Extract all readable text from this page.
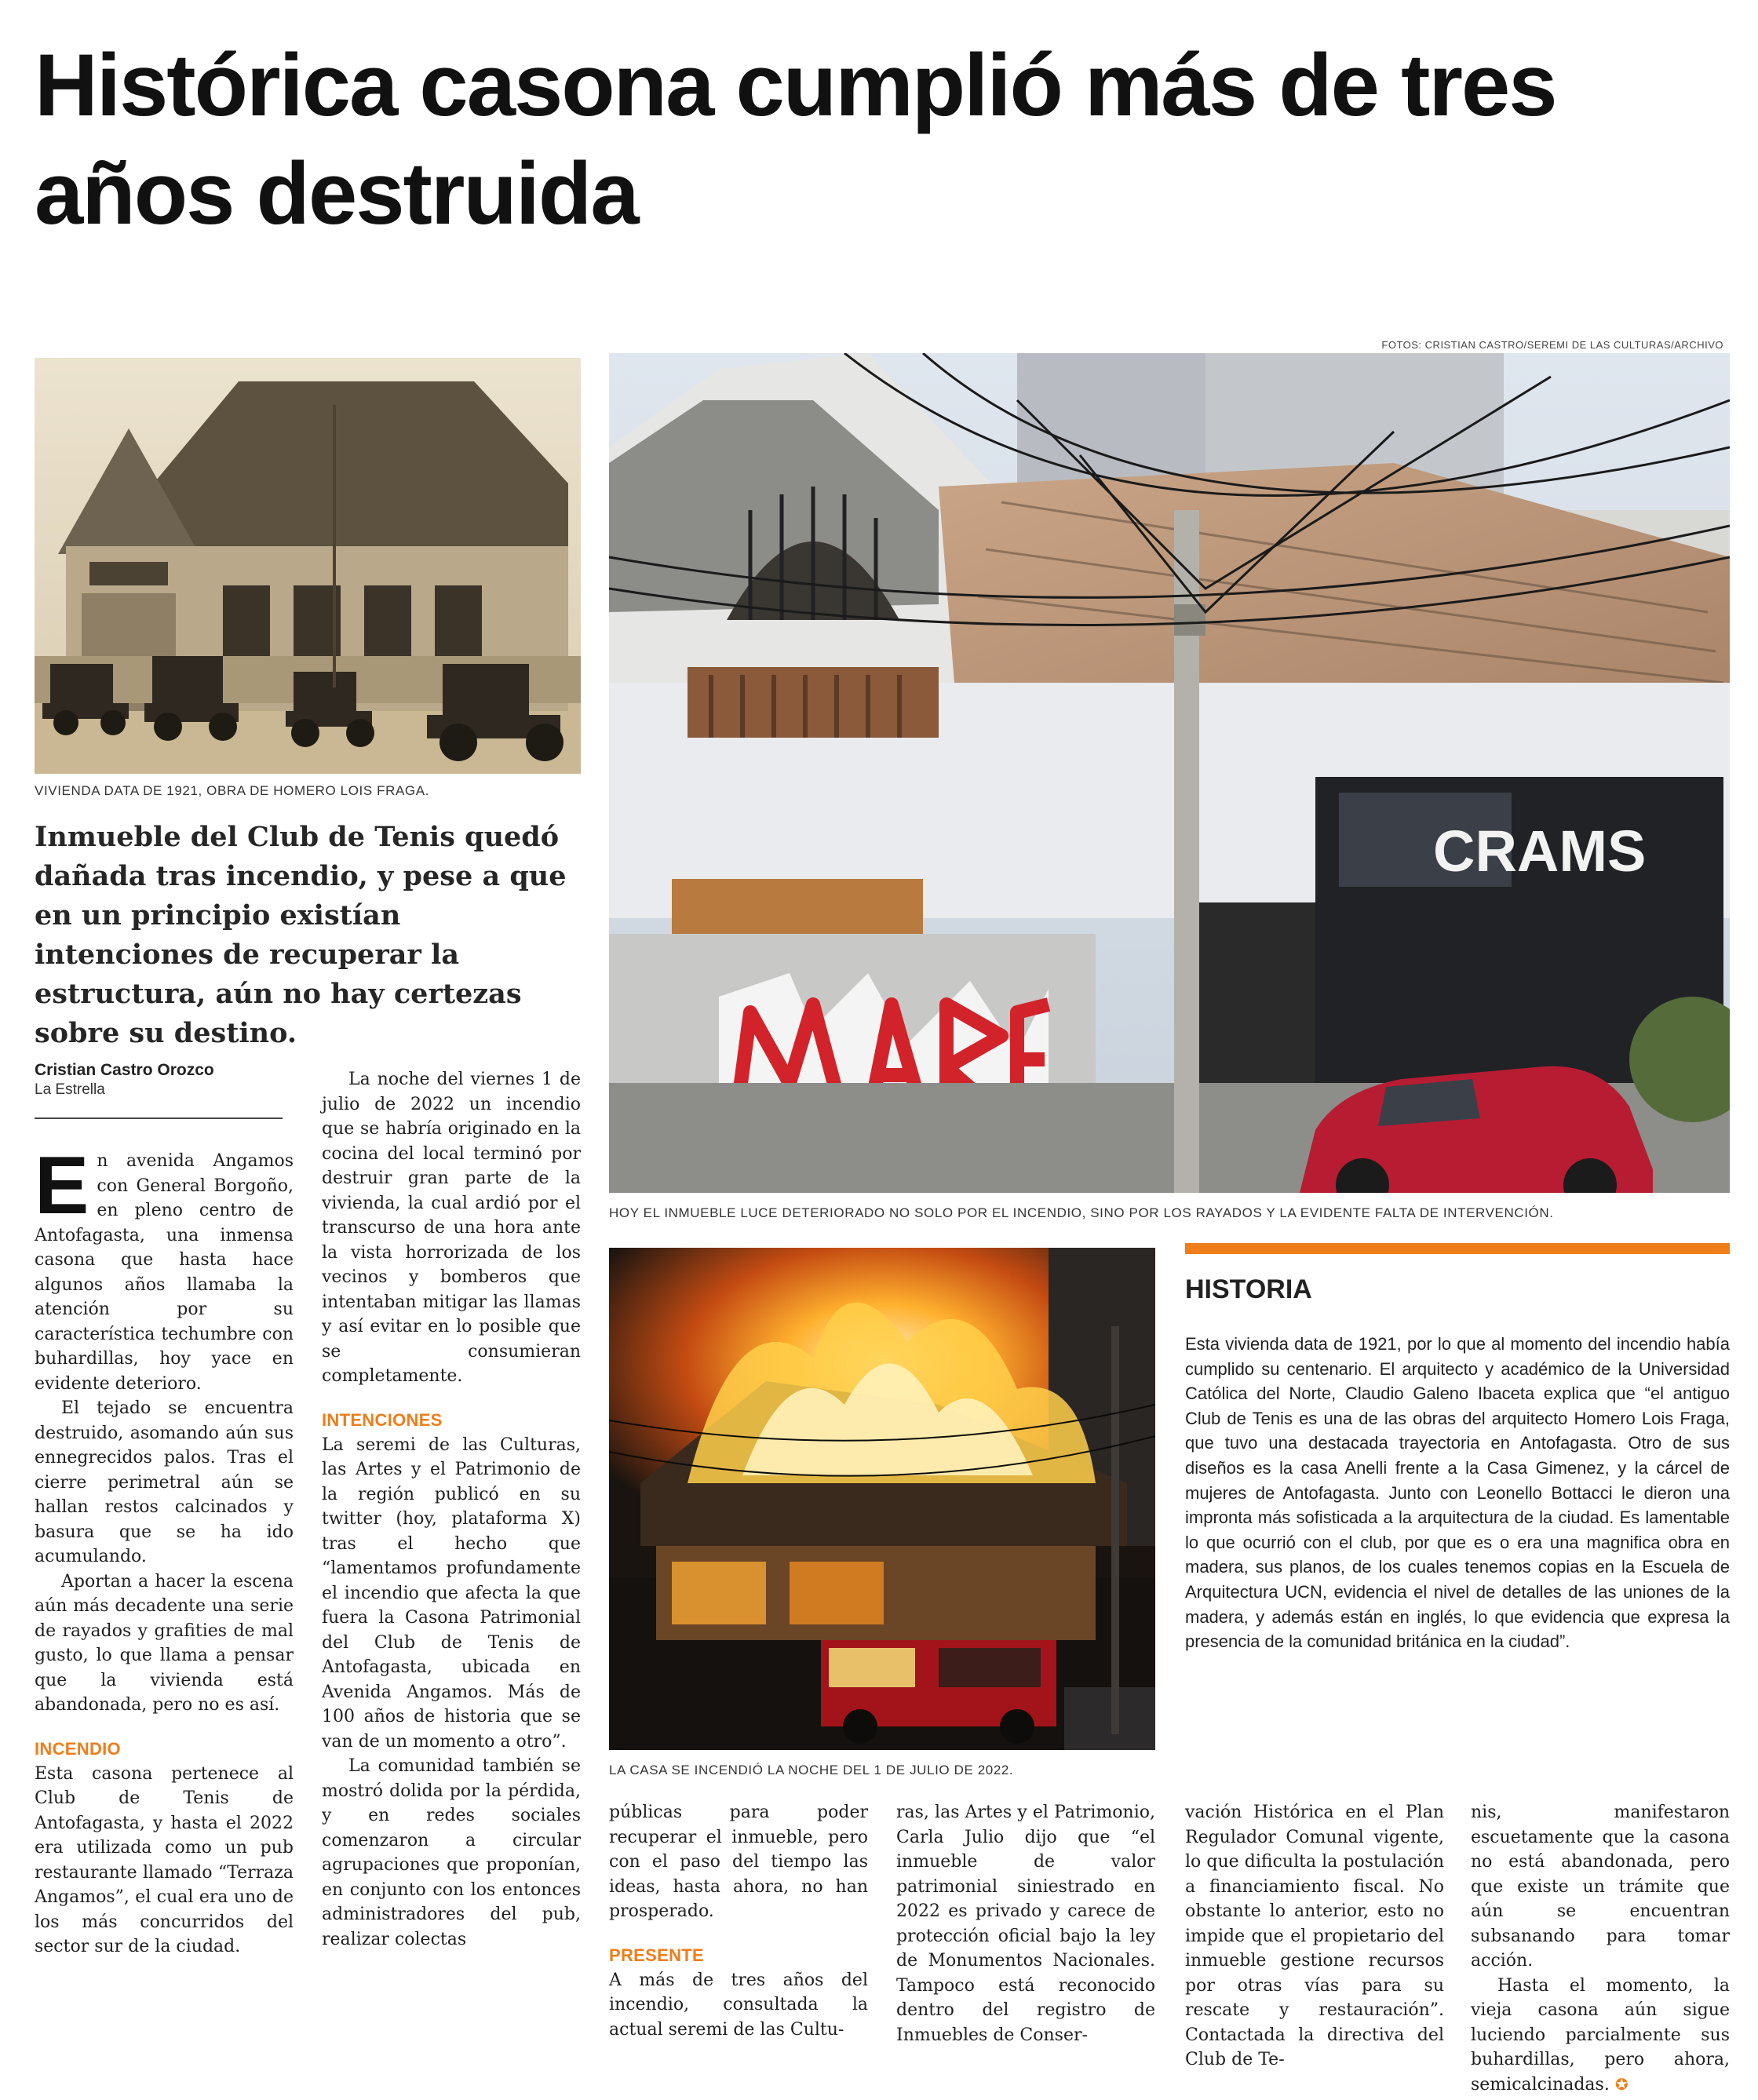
Histórica casona cumplió más de tres años destruida
FOTOS: CRISTIAN CASTRO/SEREMI DE LAS CULTURAS/ARCHIVO
VIVIENDA DATA DE 1921, OBRA DE HOMERO LOIS FRAGA.
CRAMS
HOY EL INMUEBLE LUCE DETERIORADO NO SOLO POR EL INCENDIO, SINO POR LOS RAYADOS Y LA EVIDENTE FALTA DE INTERVENCIÓN.
LA CASA SE INCENDIÓ LA NOCHE DEL 1 DE JULIO DE 2022.

Inmueble del Club de Tenis quedó dañada tras incendio, y pese a que en un principio existían intenciones de recuperar la estructura, aún no hay certezas sobre su destino.

Cristian Castro Orozco
La Estrella

En avenida Angamos con General Borgoño, en pleno centro de Antofagasta, una inmensa casona que hasta hace algunos años llamaba la atención por su característica techumbre con buhardillas, hoy yace en evidente deterioro.

El tejado se encuentra destruido, asomando aún sus ennegrecidos palos. Tras el cierre perimetral aún se hallan restos calcinados y basura que se ha ido acumulando.

Aportan a hacer la escena aún más decadente una serie de rayados y grafities de mal gusto, lo que llama a pensar que la vivienda está abandonada, pero no es así.

INCENDIO

Esta casona pertenece al Club de Tenis de Antofagasta, y hasta el 2022 era utilizada como un pub restaurante llamado “Terraza Angamos”, el cual era uno de los más concurridos del sector sur de la ciudad.

La noche del viernes 1 de julio de 2022 un incendio que se habría originado en la cocina del local terminó por destruir gran parte de la vivienda, la cual ardió por el transcurso de una hora ante la vista horrorizada de los vecinos y bomberos que intentaban mitigar las llamas y así evitar en lo posible que se consumieran completamente.

INTENCIONES

La seremi de las Culturas, las Artes y el Patrimonio de la región publicó en su twitter (hoy, plataforma X) tras el hecho que “lamentamos profundamente el incendio que afecta la que fuera la Casona Patrimonial del Club de Tenis de Antofagasta, ubicada en Avenida Angamos. Más de 100 años de historia que se van de un momento a otro”.

La comunidad también se mostró dolida por la pérdida, y en redes sociales comenzaron a circular agrupaciones que proponían, en conjunto con los entonces administradores del pub, realizar colectas

públicas para poder recuperar el inmueble, pero con el paso del tiempo las ideas, hasta ahora, no han prosperado.

PRESENTE

A más de tres años del incendio, consultada la actual seremi de las Cultu-

ras, las Artes y el Patrimonio, Carla Julio dijo que “el inmueble de valor patrimonial siniestrado en 2022 es privado y carece de protección oficial bajo la ley de Monumentos Nacionales. Tampoco está reconocido dentro del registro de Inmuebles de Conser-

vación Histórica en el Plan Regulador Comunal vigente, lo que dificulta la postulación a financiamiento fiscal. No obstante lo anterior, esto no impide que el propietario del inmueble gestione recursos por otras vías para su rescate y restauración”. Contactada la directiva del Club de Te-

nis, manifestaron escuetamente que la casona no está abandonada, pero que existe un trámite que aún se encuentran subsanando para tomar acción.

Hasta el momento, la vieja casona aún sigue luciendo parcialmente sus buhardillas, pero ahora, semicalcinadas. ✪

HISTORIA

Esta vivienda data de 1921, por lo que al momento del incendio había cumplido su centenario. El arquitecto y académico de la Universidad Católica del Norte, Claudio Galeno Ibaceta explica que “el antiguo Club de Tenis es una de las obras del arquitecto Homero Lois Fraga, que tuvo una destacada trayectoria en Antofagasta. Otro de sus diseños es la casa Anelli frente a la Casa Gimenez, y la cárcel de mujeres de Antofagasta. Junto con Leonello Bottacci le dieron una impronta más sofisticada a la arquitectura de la ciudad. Es lamentable lo que ocurrió con el club, por que es o era una magnifica obra en madera, sus planos, de los cuales tenemos copias en la Escuela de Arquitectura UCN, evidencia el nivel de detalles de las uniones de la madera, y además están en inglés, lo que evidencia que expresa la presencia de la comunidad británica en la ciudad”.
